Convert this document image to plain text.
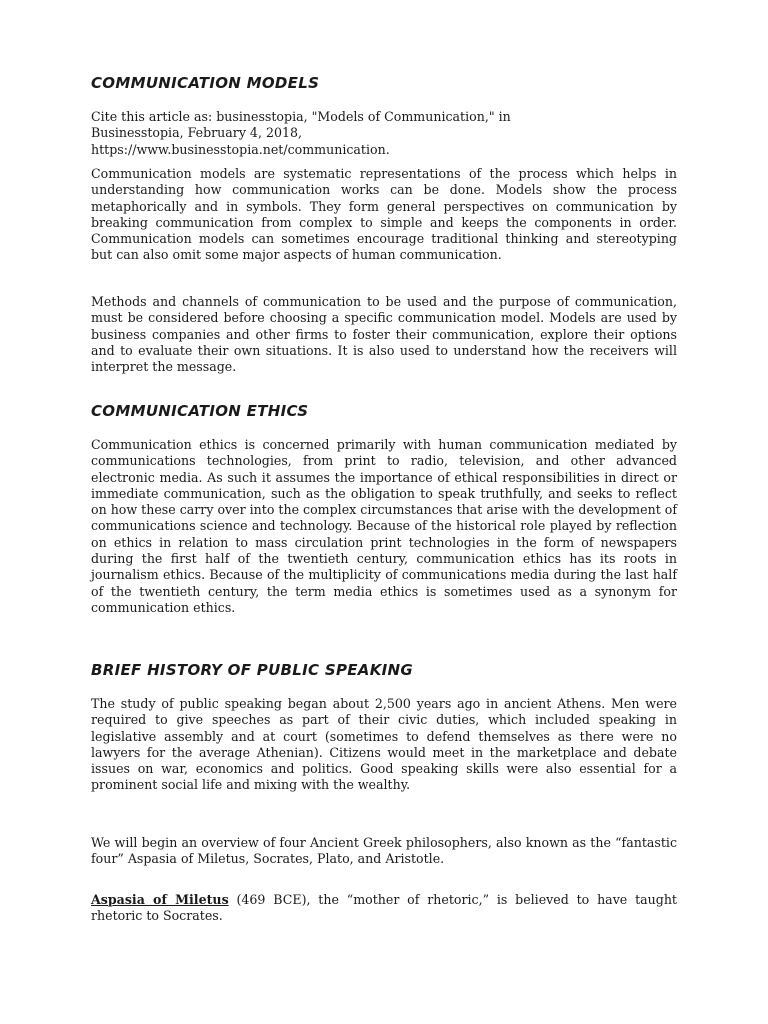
COMMUNICATION MODELS

Cite this article as: businesstopia, "Models of Communication," in Businesstopia, February 4, 2018, https://www.businesstopia.net/communication.

Communication models are systematic representations of the process which helps in understanding how communication works can be done. Models show the process metaphorically and in symbols. They form general perspectives on communication by breaking communication from complex to simple and keeps the components in order. Communication models can sometimes encourage traditional thinking and stereotyping but can also omit some major aspects of human communication.

Methods and channels of communication to be used and the purpose of communication, must be considered before choosing a specific communication model. Models are used by business companies and other firms to foster their communication, explore their options and to evaluate their own situations. It is also used to understand how the receivers will interpret the message.

COMMUNICATION ETHICS

Communication ethics is concerned primarily with human communication mediated by communications technologies, from print to radio, television, and other advanced electronic media. As such it assumes the importance of ethical responsibilities in direct or immediate communication, such as the obligation to speak truthfully, and seeks to reflect on how these carry over into the complex circumstances that arise with the development of communications science and technology. Because of the historical role played by reflection on ethics in relation to mass circulation print technologies in the form of newspapers during the first half of the twentieth century, communication ethics has its roots in journalism ethics. Because of the multiplicity of communications media during the last half of the twentieth century, the term media ethics is sometimes used as a synonym for communication ethics.

BRIEF HISTORY OF PUBLIC SPEAKING

The study of public speaking began about 2,500 years ago in ancient Athens. Men were required to give speeches as part of their civic duties, which included speaking in legislative assembly and at court (sometimes to defend themselves as there were no lawyers for the average Athenian). Citizens would meet in the marketplace and debate issues on war, economics and politics. Good speaking skills were also essential for a prominent social life and mixing with the wealthy.

We will begin an overview of four Ancient Greek philosophers, also known as the “fantastic four” Aspasia of Miletus, Socrates, Plato, and Aristotle.

Aspasia of Miletus (469 BCE), the “mother of rhetoric,” is believed to have taught rhetoric to Socrates.
